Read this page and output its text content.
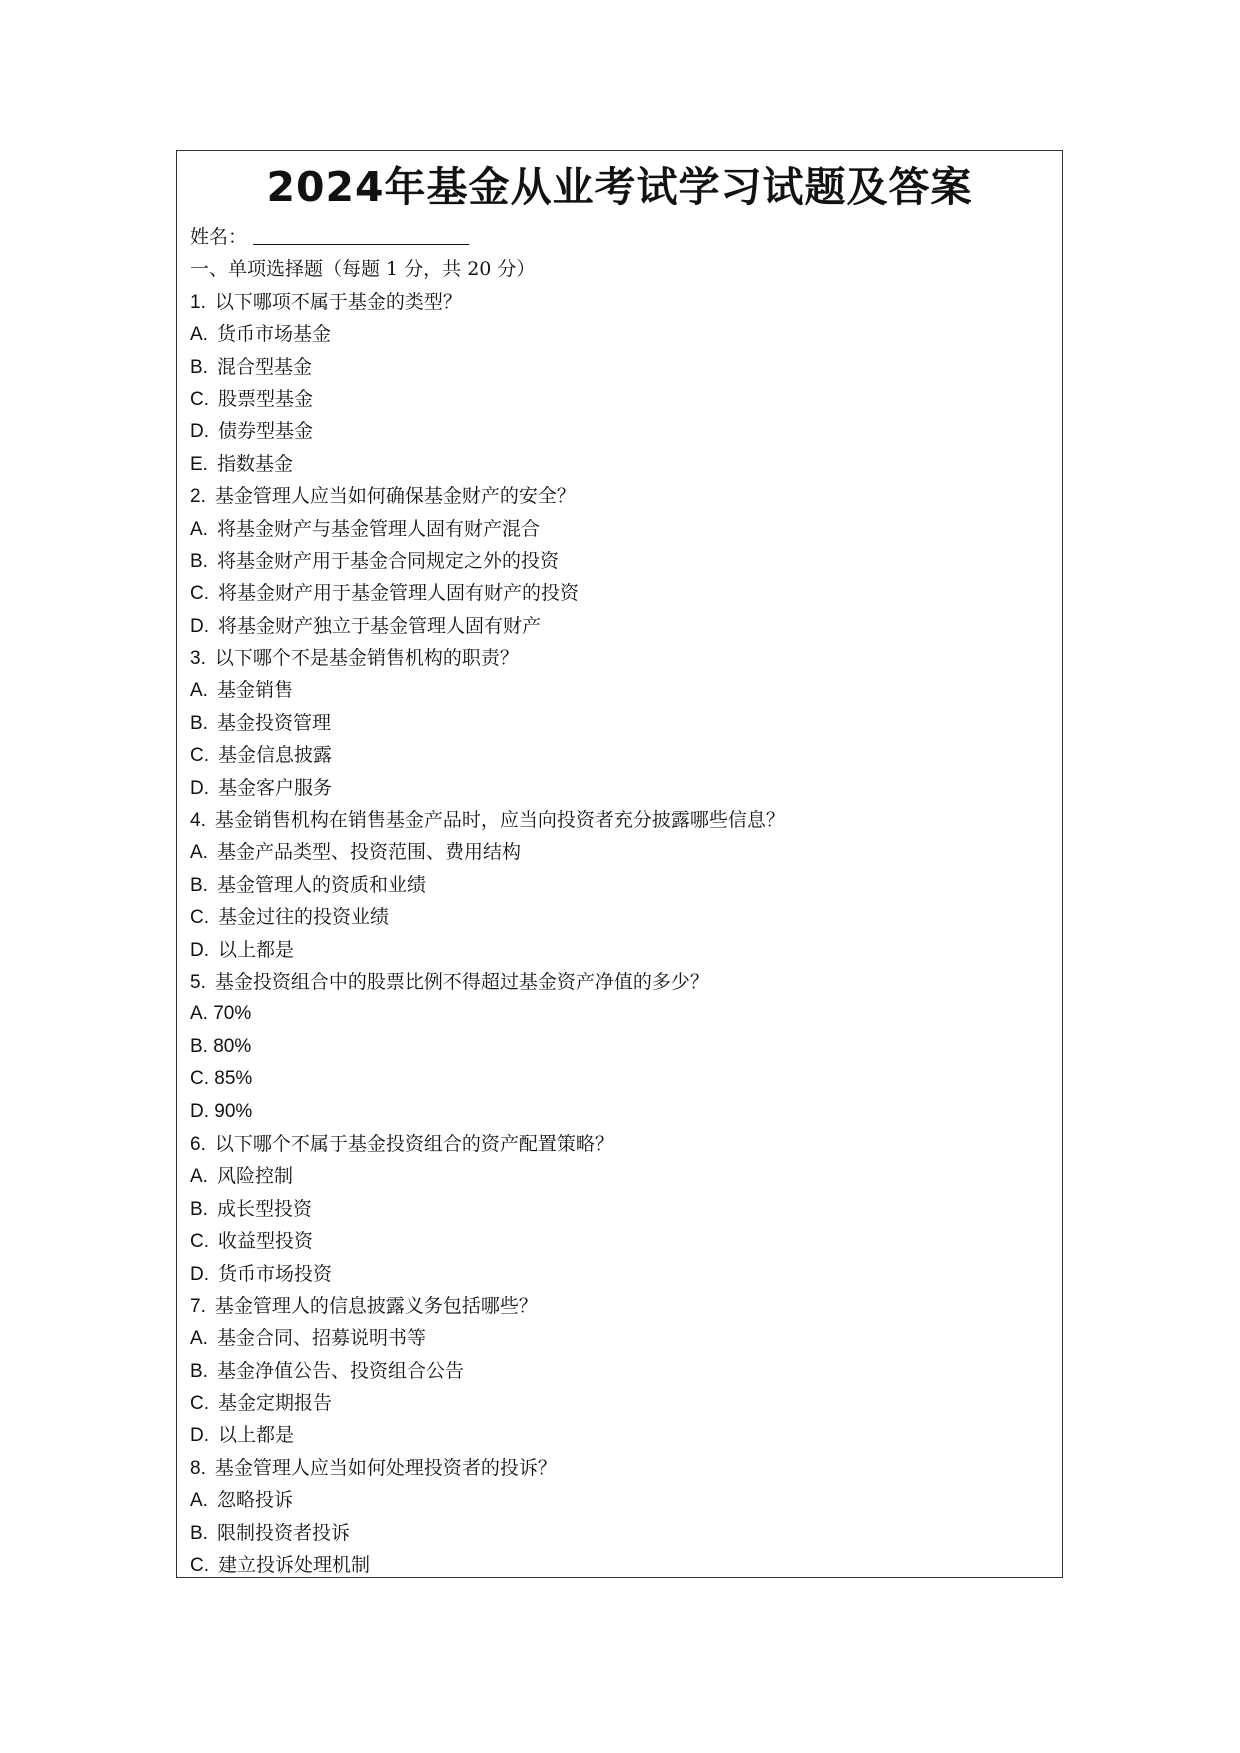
2024年基金从业考试学习试题及答案
姓名：
一、单项选择题（每题 1 分，共 20 分）
1. 以下哪项不属于基金的类型？
A. 货币市场基金
B. 混合型基金
C. 股票型基金
D. 债券型基金
E. 指数基金
2. 基金管理人应当如何确保基金财产的安全？
A. 将基金财产与基金管理人固有财产混合
B. 将基金财产用于基金合同规定之外的投资
C. 将基金财产用于基金管理人固有财产的投资
D. 将基金财产独立于基金管理人固有财产
3. 以下哪个不是基金销售机构的职责？
A. 基金销售
B. 基金投资管理
C. 基金信息披露
D. 基金客户服务
4. 基金销售机构在销售基金产品时，应当向投资者充分披露哪些信息？
A. 基金产品类型、投资范围、费用结构
B. 基金管理人的资质和业绩
C. 基金过往的投资业绩
D. 以上都是
5. 基金投资组合中的股票比例不得超过基金资产净值的多少？
A. 70%
B. 80%
C. 85%
D. 90%
6. 以下哪个不属于基金投资组合的资产配置策略？
A. 风险控制
B. 成长型投资
C. 收益型投资
D. 货币市场投资
7. 基金管理人的信息披露义务包括哪些？
A. 基金合同、招募说明书等
B. 基金净值公告、投资组合公告
C. 基金定期报告
D. 以上都是
8. 基金管理人应当如何处理投资者的投诉？
A. 忽略投诉
B. 限制投资者投诉
C. 建立投诉处理机制
